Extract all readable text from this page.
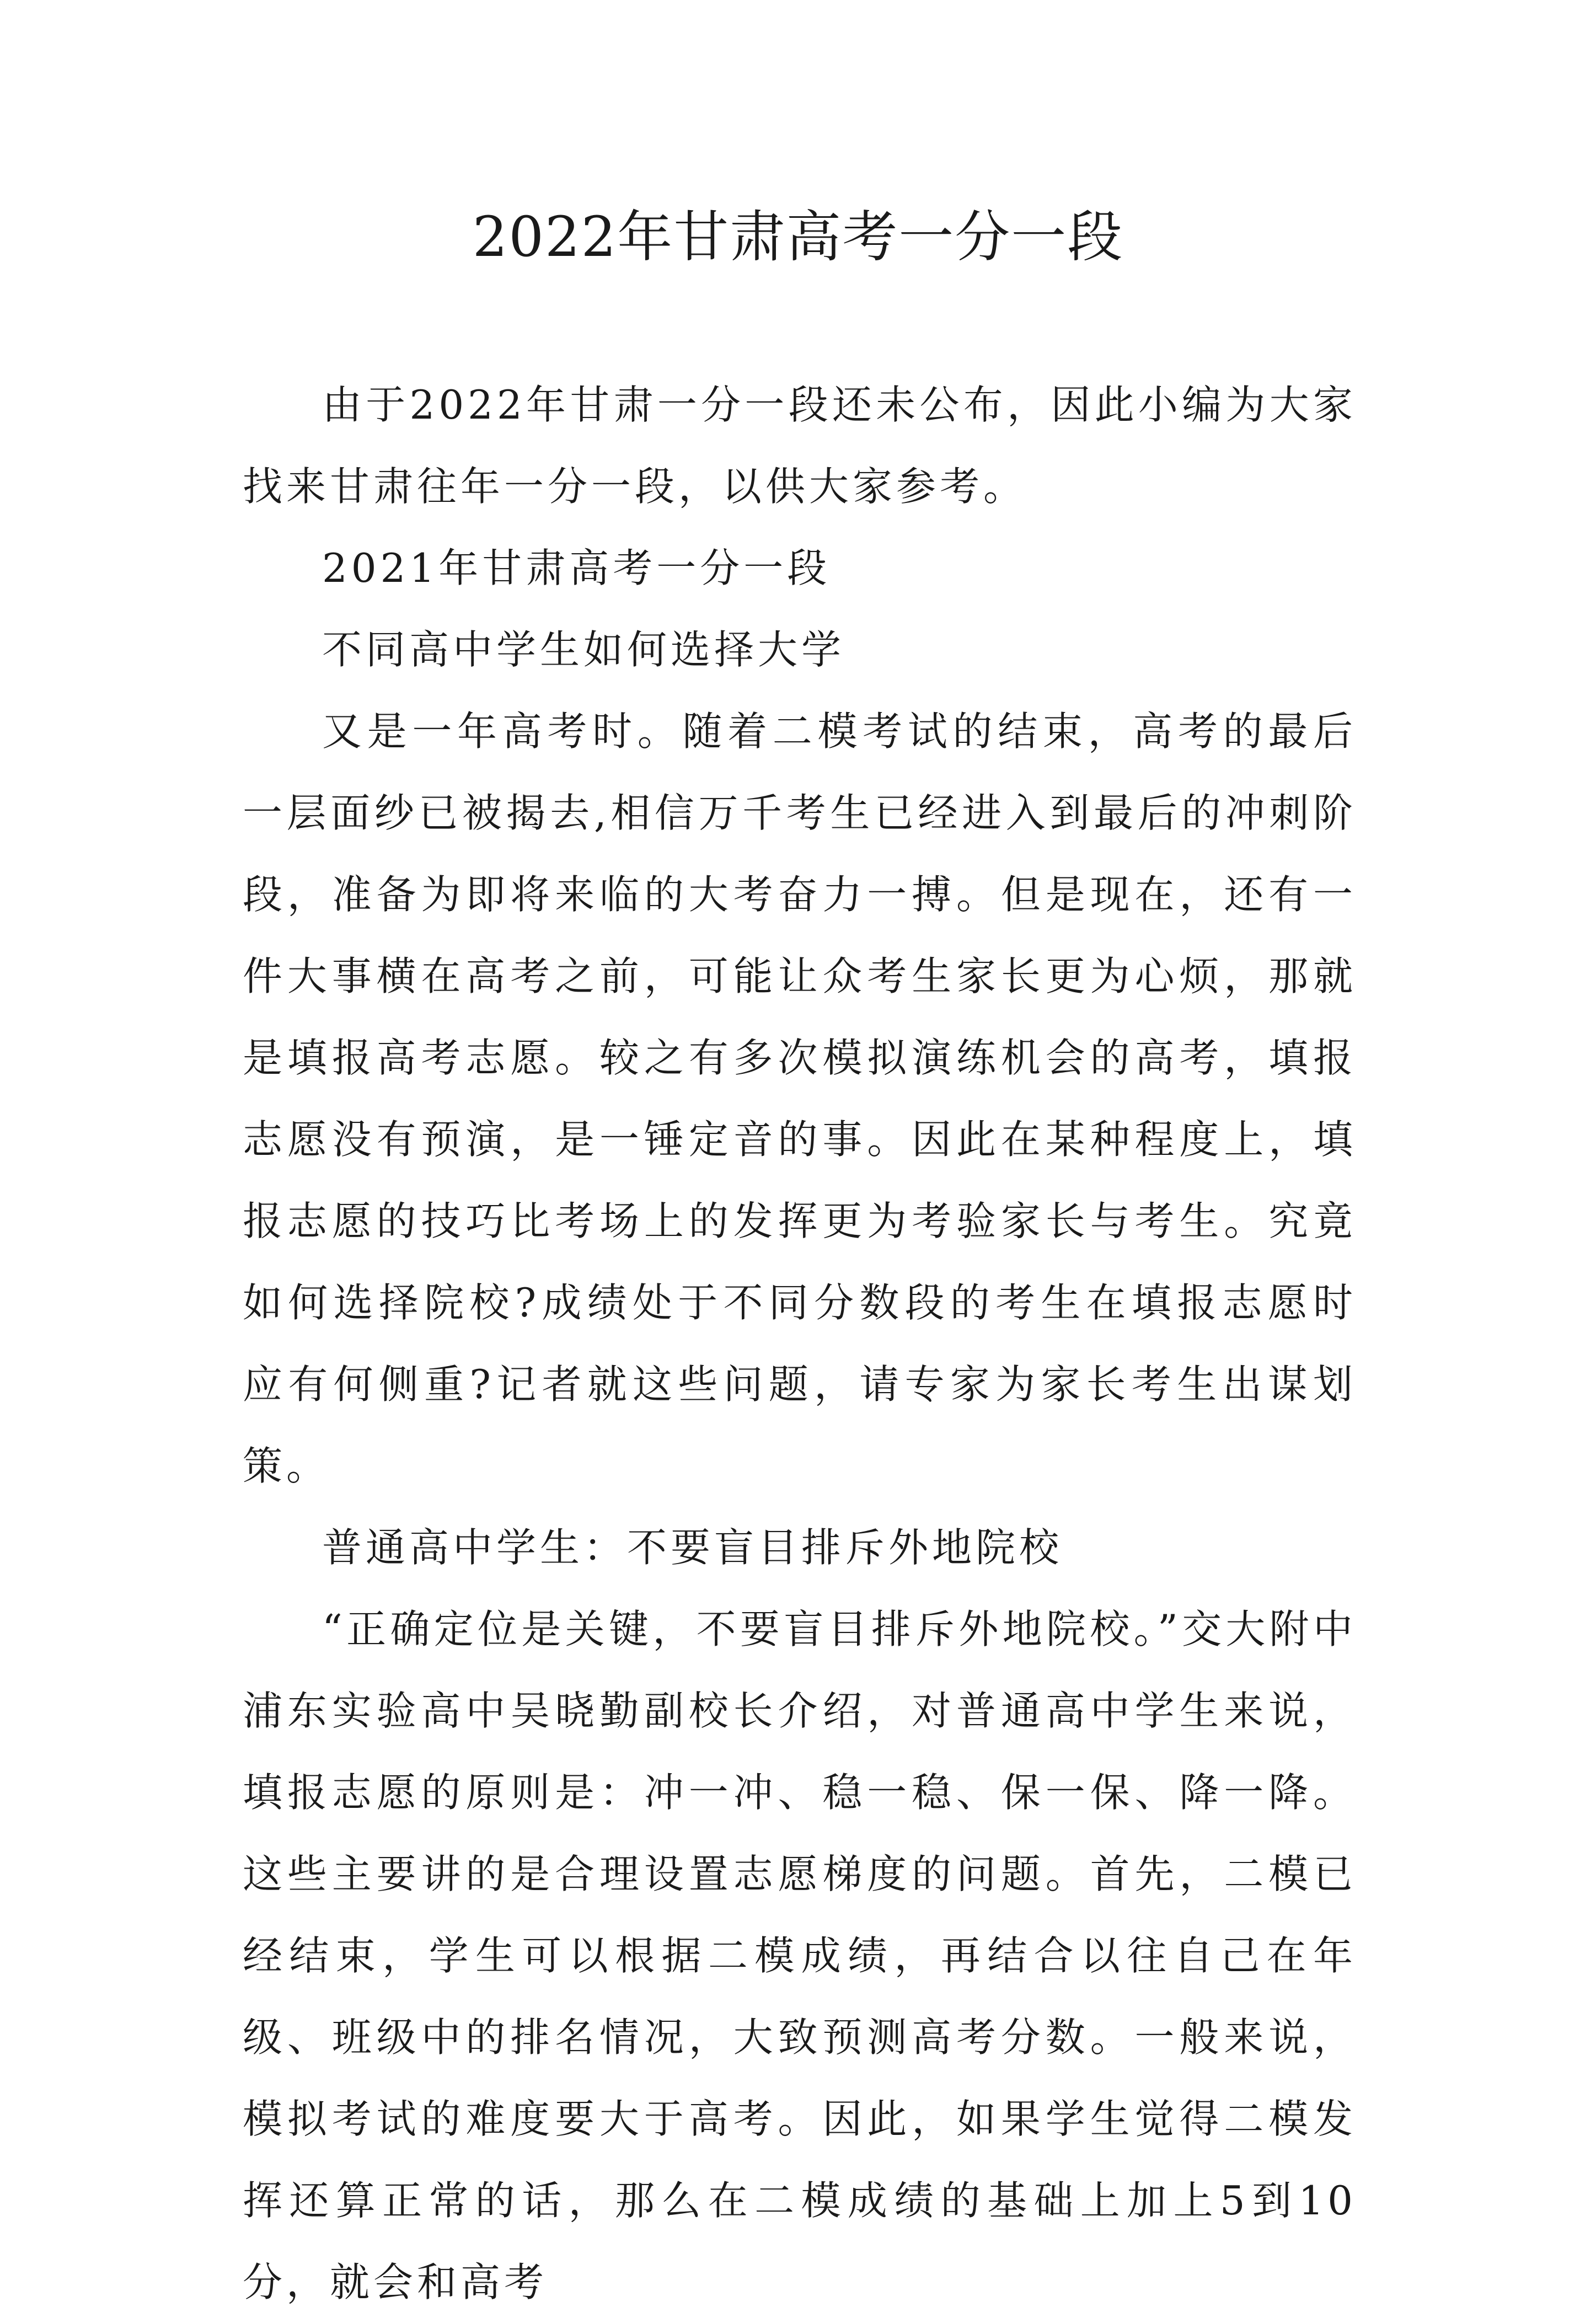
2022年甘肃高考一分一段

由于2022年甘肃一分一段还未公布，因此小编为大家找来甘肃往年一分一段，以供大家参考。

2021年甘肃高考一分一段

不同高中学生如何选择大学

又是一年高考时。随着二模考试的结束，高考的最后一层面纱已被揭去,相信万千考生已经进入到最后的冲刺阶段，准备为即将来临的大考奋力一搏。但是现在，还有一件大事横在高考之前，可能让众考生家长更为心烦，那就是填报高考志愿。较之有多次模拟演练机会的高考，填报志愿没有预演，是一锤定音的事。因此在某种程度上，填报志愿的技巧比考场上的发挥更为考验家长与考生。究竟如何选择院校?成绩处于不同分数段的考生在填报志愿时应有何侧重?记者就这些问题，请专家为家长考生出谋划策。

普通高中学生：不要盲目排斥外地院校

“正确定位是关键，不要盲目排斥外地院校。”交大附中浦东实验高中吴晓勤副校长介绍，对普通高中学生来说，填报志愿的原则是：冲一冲、稳一稳、保一保、降一降。这些主要讲的是合理设置志愿梯度的问题。首先，二模已经结束，学生可以根据二模成绩，再结合以往自己在年级、班级中的排名情况，大致预测高考分数。一般来说，模拟考试的难度要大于高考。因此，如果学生觉得二模发挥还算正常的话，那么在二模成绩的基础上加上5到10分，就会和高考
